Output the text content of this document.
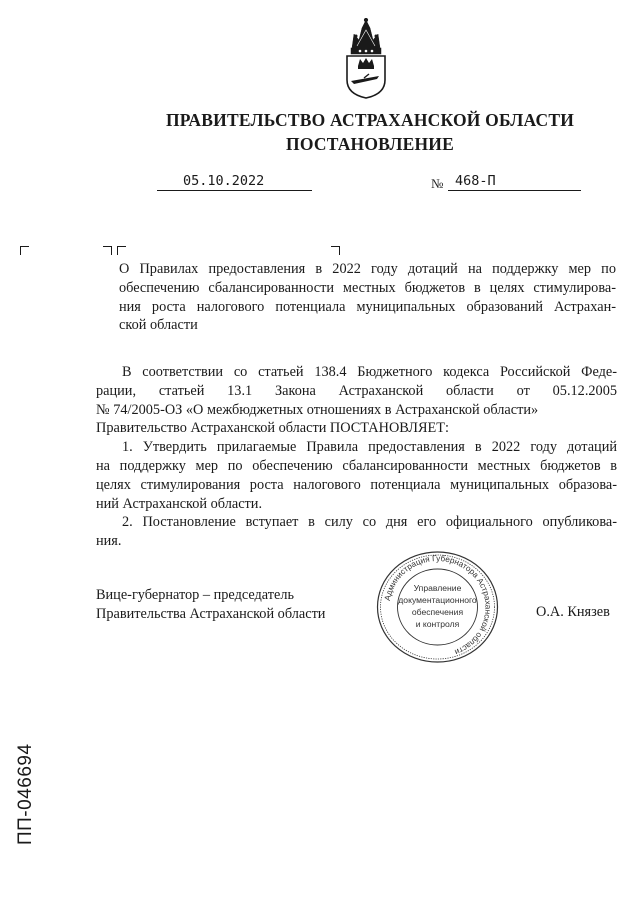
ПРАВИТЕЛЬСТВО АСТРАХАНСКОЙ ОБЛАСТИ
ПОСТАНОВЛЕНИЕ
05.10.2022	№ 468-П
О Правилах предоставления в 2022 году дотаций на поддержку мер по
обеспечению сбалансированности местных бюджетов в целях стимулирова-
ния роста налогового потенциала муниципальных образований Астрахан-
ской области
В соответствии со статьей 138.4 Бюджетного кодекса Российской Феде-
рации, статьей 13.1 Закона Астраханской области от 05.12.2005
№ 74/2005-ОЗ «О межбюджетных отношениях в Астраханской области»
Правительство Астраханской области ПОСТАНОВЛЯЕТ:
1. Утвердить прилагаемые Правила предоставления в 2022 году дотаций
на поддержку мер по обеспечению сбалансированности местных бюджетов в
целях стимулирования роста налогового потенциала муниципальных образова-
ний Астраханской области.
2. Постановление вступает в силу со дня его официального опубликова-
ния.
Вице-губернатор – председатель
Правительства Астраханской области	О.А. Князев
Администрация Губернатора Астраханской области
Управление
документационного
обеспечения
и контроля
ПП-046694
